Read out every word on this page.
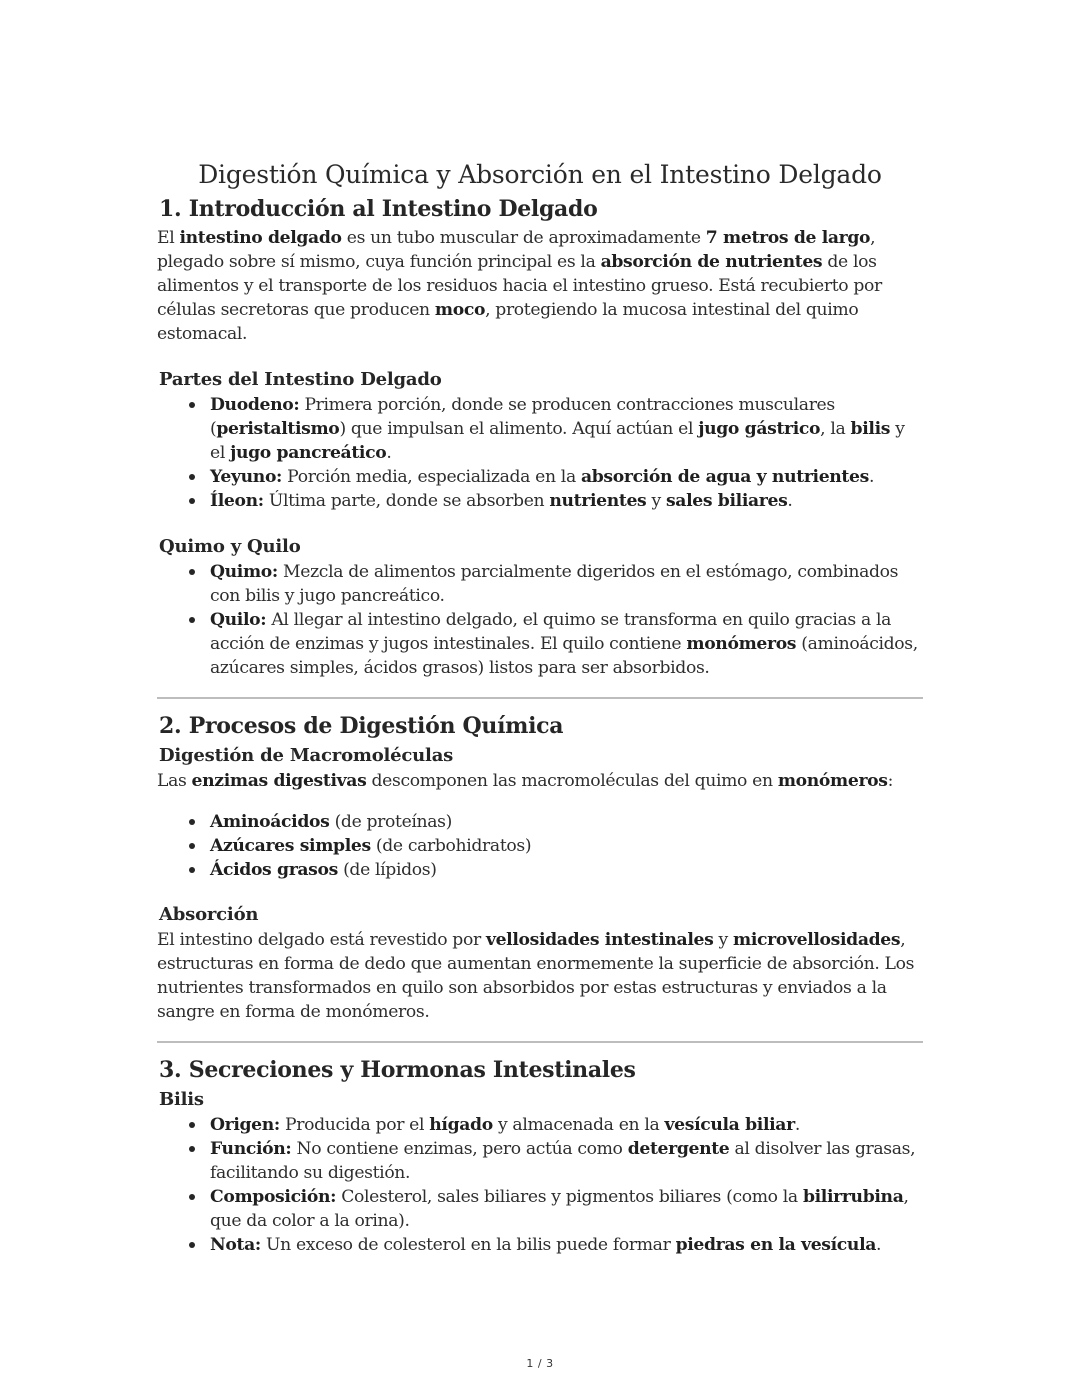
Digestión Química y Absorción en el Intestino Delgado
1. Introducción al Intestino Delgado

El intestino delgado es un tubo muscular de aproximadamente 7 metros de largo, plegado sobre sí mismo, cuya función principal es la absorción de nutrientes de los alimentos y el transporte de los residuos hacia el intestino grueso. Está recubierto por células secretoras que producen moco, protegiendo la mucosa intestinal del quimo estomacal.

Partes del Intestino Delgado
Duodeno: Primera porción, donde se producen contracciones musculares (peristaltismo) que impulsan el alimento. Aquí actúan el jugo gástrico, la bilis y el jugo pancreático.
Yeyuno: Porción media, especializada en la absorción de agua y nutrientes.
Íleon: Última parte, donde se absorben nutrientes y sales biliares.
Quimo y Quilo
Quimo: Mezcla de alimentos parcialmente digeridos en el estómago, combinados con bilis y jugo pancreático.
Quilo: Al llegar al intestino delgado, el quimo se transforma en quilo gracias a la acción de enzimas y jugos intestinales. El quilo contiene monómeros (aminoácidos, azúcares simples, ácidos grasos) listos para ser absorbidos.
2. Procesos de Digestión Química
Digestión de Macromoléculas

Las enzimas digestivas descomponen las macromoléculas del quimo en monómeros:

Aminoácidos (de proteínas)
Azúcares simples (de carbohidratos)
Ácidos grasos (de lípidos)
Absorción

El intestino delgado está revestido por vellosidades intestinales y microvellosidades, estructuras en forma de dedo que aumentan enormemente la superficie de absorción. Los nutrientes transformados en quilo son absorbidos por estas estructuras y enviados a la sangre en forma de monómeros.

3. Secreciones y Hormonas Intestinales
Bilis
Origen: Producida por el hígado y almacenada en la vesícula biliar.
Función: No contiene enzimas, pero actúa como detergente al disolver las grasas, facilitando su digestión.
Composición: Colesterol, sales biliares y pigmentos biliares (como la bilirrubina, que da color a la orina).
Nota: Un exceso de colesterol en la bilis puede formar piedras en la vesícula.
1 / 3
